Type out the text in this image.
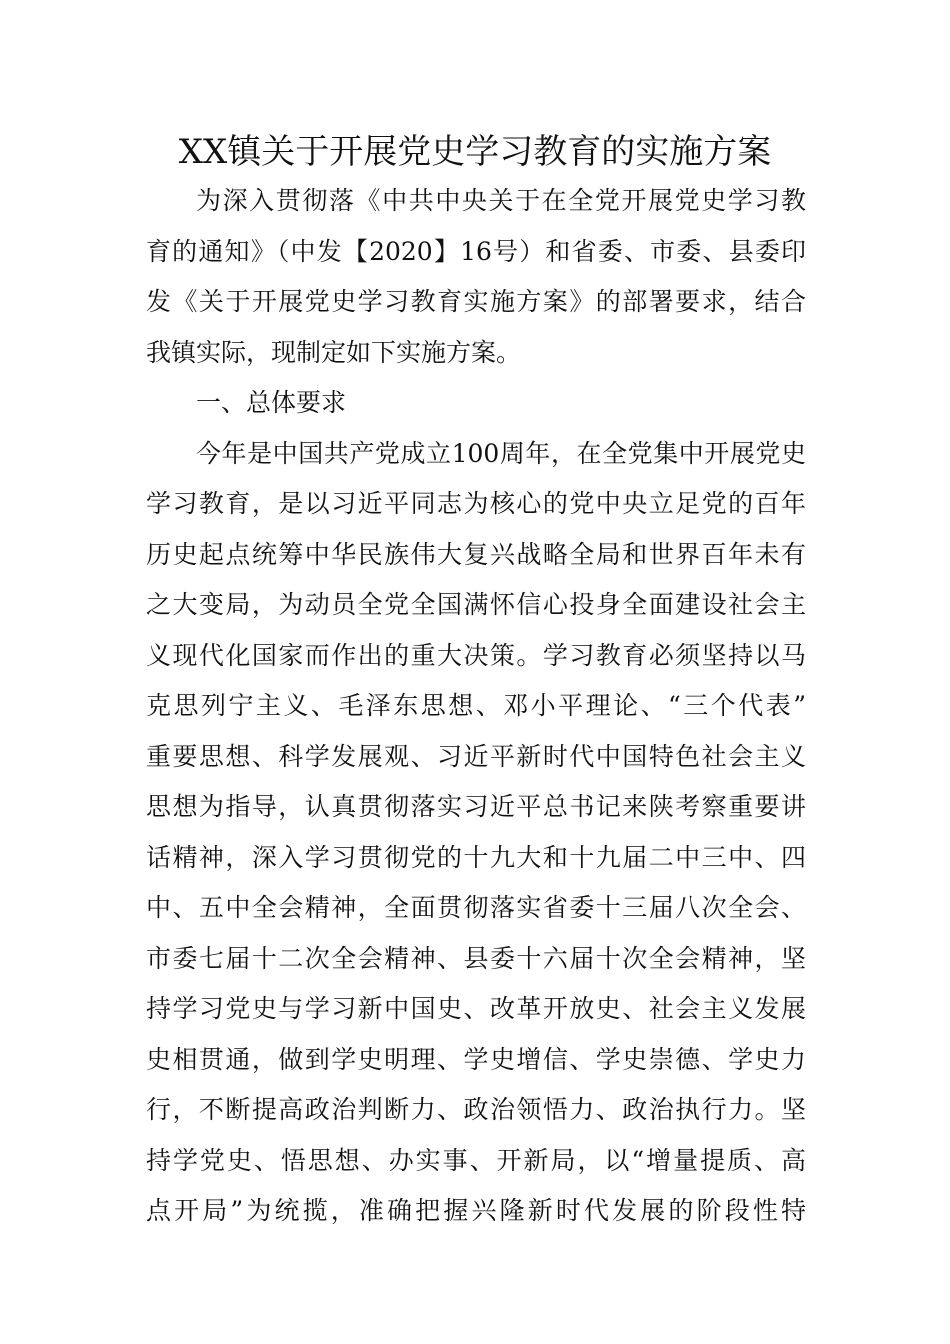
XX镇关于开展党史学习教育的实施方案

为深入贯彻落《中共中央关于在全党开展党史学习教
育的通知》（中发【2020】16号）和省委、市委、县委印
发《关于开展党史学习教育实施方案》的部署要求，结合
我镇实际，现制定如下实施方案。

一、总体要求

今年是中国共产党成立100周年，在全党集中开展党史
学习教育，是以习近平同志为核心的党中央立足党的百年
历史起点统筹中华民族伟大复兴战略全局和世界百年未有
之大变局，为动员全党全国满怀信心投身全面建设社会主
义现代化国家而作出的重大决策。学习教育必须坚持以马
克思列宁主义、毛泽东思想、邓小平理论、“三个代表”
重要思想、科学发展观、习近平新时代中国特色社会主义
思想为指导，认真贯彻落实习近平总书记来陕考察重要讲
话精神，深入学习贯彻党的十九大和十九届二中三中、四
中、五中全会精神，全面贯彻落实省委十三届八次全会、
市委七届十二次全会精神、县委十六届十次全会精神，坚
持学习党史与学习新中国史、改革开放史、社会主义发展
史相贯通，做到学史明理、学史增信、学史崇德、学史力
行，不断提高政治判断力、政治领悟力、政治执行力。坚
持学党史、悟思想、办实事、开新局，以“增量提质、高
点开局”为统揽，准确把握兴隆新时代发展的阶段性特
